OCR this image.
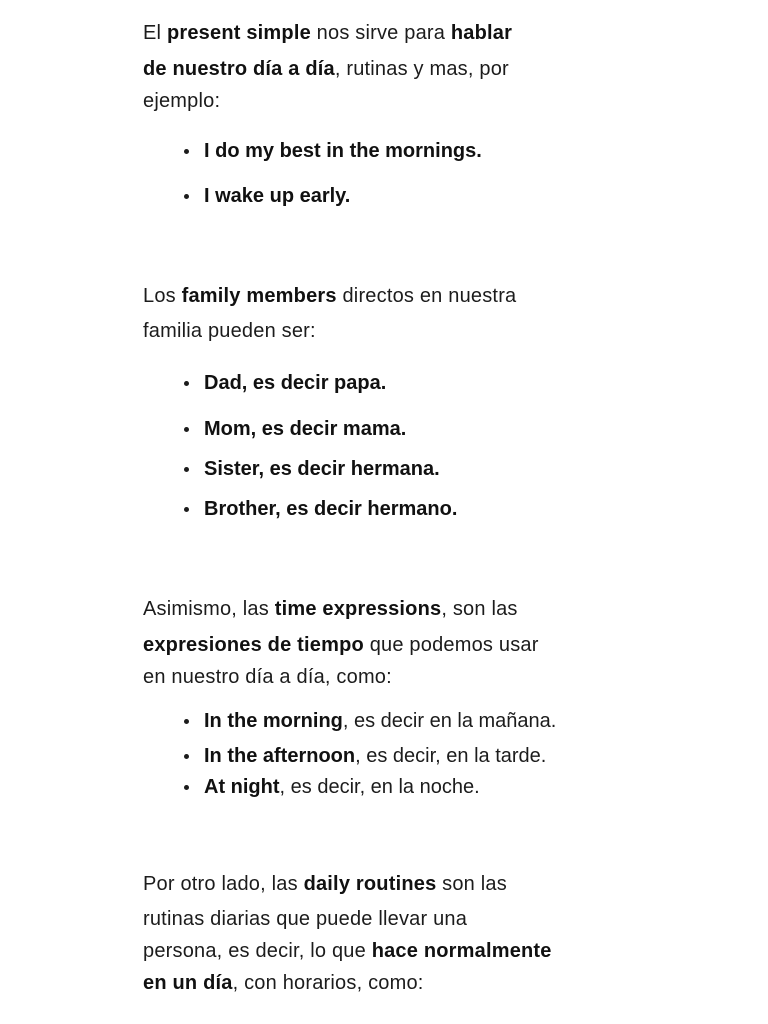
El present simple nos sirve para hablar
de nuestro día a día, rutinas y mas, por
ejemplo:

I do my best in the mornings.
I wake up early.

Los family members directos en nuestra
familia pueden ser:

Dad, es decir papa.
Mom, es decir mama.
Sister, es decir hermana.
Brother, es decir hermano.

Asimismo, las time expressions, son las
expresiones de tiempo que podemos usar
en nuestro día a día, como:

In the morning, es decir en la mañana.
In the afternoon, es decir, en la tarde.
At night, es decir, en la noche.

Por otro lado, las daily routines son las
rutinas diarias que puede llevar una
persona, es decir, lo que hace normalmente
en un día, con horarios, como:
